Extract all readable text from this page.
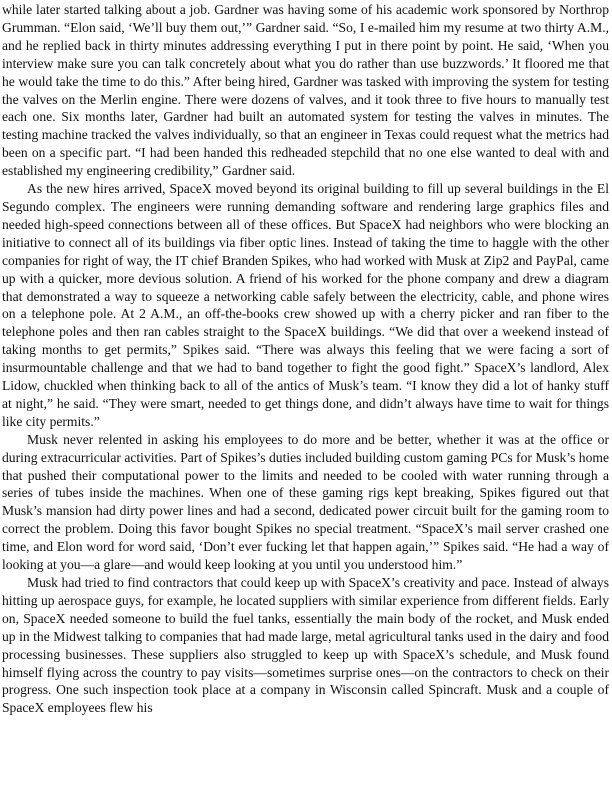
while later started talking about a job. Gardner was having some of his academic work sponsored by Northrop Grumman. “Elon said, ‘We’ll buy them out,’” Gardner said. “So, I e-mailed him my resume at two thirty A.M., and he replied back in thirty minutes addressing everything I put in there point by point. He said, ‘When you interview make sure you can talk concretely about what you do rather than use buzzwords.’ It floored me that he would take the time to do this.” After being hired, Gardner was tasked with improving the system for testing the valves on the Merlin engine. There were dozens of valves, and it took three to five hours to manually test each one. Six months later, Gardner had built an automated system for testing the valves in minutes. The testing machine tracked the valves individually, so that an engineer in Texas could request what the metrics had been on a specific part. “I had been handed this redheaded stepchild that no one else wanted to deal with and established my engineering credibility,” Gardner said.

As the new hires arrived, SpaceX moved beyond its original building to fill up several buildings in the El Segundo complex. The engineers were running demanding software and rendering large graphics files and needed high-speed connections between all of these offices. But SpaceX had neighbors who were blocking an initiative to connect all of its buildings via fiber optic lines. Instead of taking the time to haggle with the other companies for right of way, the IT chief Branden Spikes, who had worked with Musk at Zip2 and PayPal, came up with a quicker, more devious solution. A friend of his worked for the phone company and drew a diagram that demonstrated a way to squeeze a networking cable safely between the electricity, cable, and phone wires on a telephone pole. At 2 A.M., an off-the-books crew showed up with a cherry picker and ran fiber to the telephone poles and then ran cables straight to the SpaceX buildings. “We did that over a weekend instead of taking months to get permits,” Spikes said. “There was always this feeling that we were facing a sort of insurmountable challenge and that we had to band together to fight the good fight.” SpaceX’s landlord, Alex Lidow, chuckled when thinking back to all of the antics of Musk’s team. “I know they did a lot of hanky stuff at night,” he said. “They were smart, needed to get things done, and didn’t always have time to wait for things like city permits.”

Musk never relented in asking his employees to do more and be better, whether it was at the office or during extracurricular activities. Part of Spikes’s duties included building custom gaming PCs for Musk’s home that pushed their computational power to the limits and needed to be cooled with water running through a series of tubes inside the machines. When one of these gaming rigs kept breaking, Spikes figured out that Musk’s mansion had dirty power lines and had a second, dedicated power circuit built for the gaming room to correct the problem. Doing this favor bought Spikes no special treatment. “SpaceX’s mail server crashed one time, and Elon word for word said, ‘Don’t ever fucking let that happen again,’” Spikes said. “He had a way of looking at you—a glare—and would keep looking at you until you understood him.”

Musk had tried to find contractors that could keep up with SpaceX’s creativity and pace. Instead of always hitting up aerospace guys, for example, he located suppliers with similar experience from different fields. Early on, SpaceX needed someone to build the fuel tanks, essentially the main body of the rocket, and Musk ended up in the Midwest talking to companies that had made large, metal agricultural tanks used in the dairy and food processing businesses. These suppliers also struggled to keep up with SpaceX’s schedule, and Musk found himself flying across the country to pay visits—sometimes surprise ones—on the contractors to check on their progress. One such inspection took place at a company in Wisconsin called Spincraft. Musk and a couple of SpaceX employees flew his
